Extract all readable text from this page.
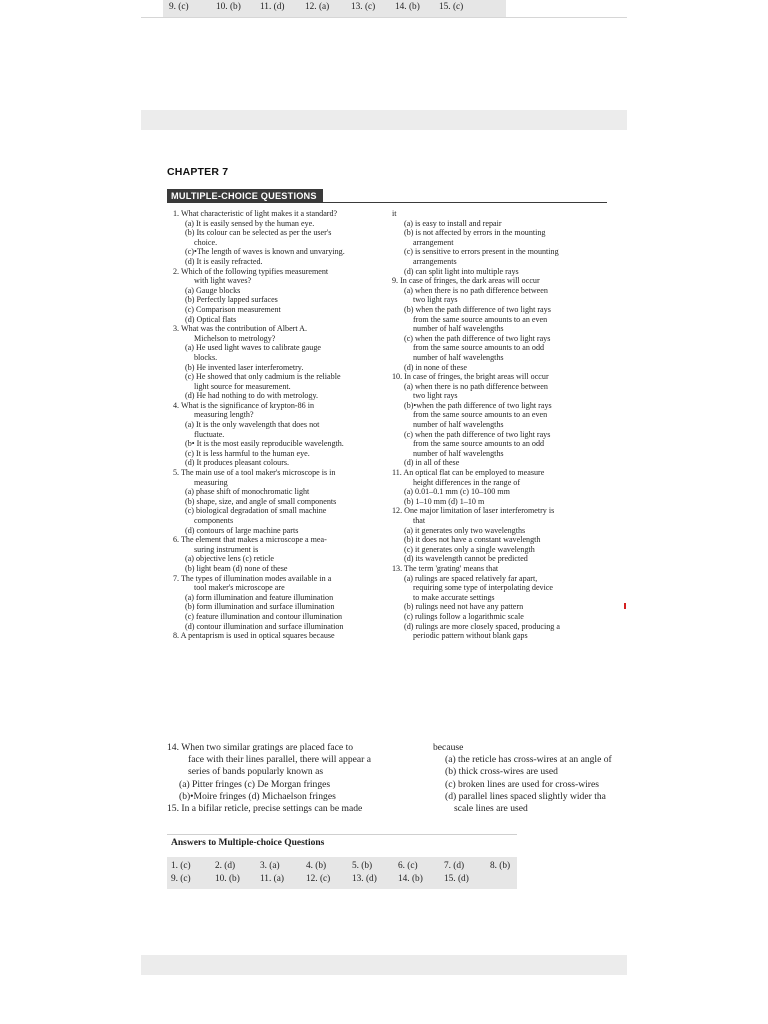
9. (c)	10. (b) 11. (d) 12. (a) 13. (c) 14. (b) 15. (c)
CHAPTER 7
MULTIPLE-CHOICE QUESTIONS
1. What characteristic of light makes it a standard?
(a) It is easily sensed by the human eye.
(b) Its colour can be selected as per the user's
choice.
(c)•The length of waves is known and unvarying.
(d) It is easily refracted.
2. Which of the following typifies measurement
with light waves?
(a) Gauge blocks
(b) Perfectly lapped surfaces
(c) Comparison measurement
(d) Optical flats
3. What was the contribution of Albert A.
Michelson to metrology?
(a) He used light waves to calibrate gauge
blocks.
(b) He invented laser interferometry.
(c) He showed that only cadmium is the reliable
light source for measurement.
(d) He had nothing to do with metrology.
4. What is the significance of krypton-86 in
measuring length?
(a) It is the only wavelength that does not
fluctuate.
(b• It is the most easily reproducible wavelength.
(c) It is less harmful to the human eye.
(d) It produces pleasant colours.
5. The main use of a tool maker's microscope is in
measuring
(a) phase shift of monochromatic light
(b) shape, size, and angle of small components
(c) biological degradation of small machine
components
(d) contours of large machine parts
6. The element that makes a microscope a mea-
suring instrument is
(a) objective lens (c) reticle
(b) light beam (d) none of these
7. The types of illumination modes available in a
tool maker's microscope are
(a) form illumination and feature illumination
(b) form illumination and surface illumination
(c) feature illumination and contour illumination
(d) contour illumination and surface illumination
8. A pentaprism is used in optical squares because
it
(a) is easy to install and repair
(b) is not affected by errors in the mounting
arrangement
(c) is sensitive to errors present in the mounting
arrangements
(d) can split light into multiple rays
9. In case of fringes, the dark areas will occur
(a) when there is no path difference between
two light rays
(b) when the path difference of two light rays
from the same source amounts to an even
number of half wavelengths
(c) when the path difference of two light rays
from the same source amounts to an odd
number of half wavelengths
(d) in none of these
10. In case of fringes, the bright areas will occur
(a) when there is no path difference between
two light rays
(b)•when the path difference of two light rays
from the same source amounts to an even
number of half wavelengths
(c) when the path difference of two light rays
from the same source amounts to an odd
number of half wavelengths
(d) in all of these
11. An optical flat can be employed to measure
height differences in the range of
(a) 0.01–0.1 mm (c) 10–100 mm
(b) 1–10 mm (d) 1–10 m
12. One major limitation of laser interferometry is
that
(a) it generates only two wavelengths
(b) it does not have a constant wavelength
(c) it generates only a single wavelength
(d) its wavelength cannot be predicted
13. The term 'grating' means that
(a) rulings are spaced relatively far apart,
requiring some type of interpolating device
to make accurate settings
(b) rulings need not have any pattern
(c) rulings follow a logarithmic scale
(d) rulings are more closely spaced, producing a
periodic pattern without blank gaps
14. When two similar gratings are placed face to
face with their lines parallel, there will appear a
series of bands popularly known as
(a) Pitter fringes (c) De Morgan fringes
(b)•Moire fringes (d) Michaelson fringes
15. In a bifilar reticle, precise settings can be made
because
(a) the reticle has cross-wires at an angle of
(b) thick cross-wires are used
(c) broken lines are used for cross-wires
(d) parallel lines spaced slightly wider tha
scale lines are used
Answers to Multiple-choice Questions
1. (c)	2. (d)	3. (a)	4. (b)	5. (b)	6. (c)	7. (d)	8. (b)
9. (c)	10. (b) 11. (a) 12. (c) 13. (d) 14. (b) 15. (d)
